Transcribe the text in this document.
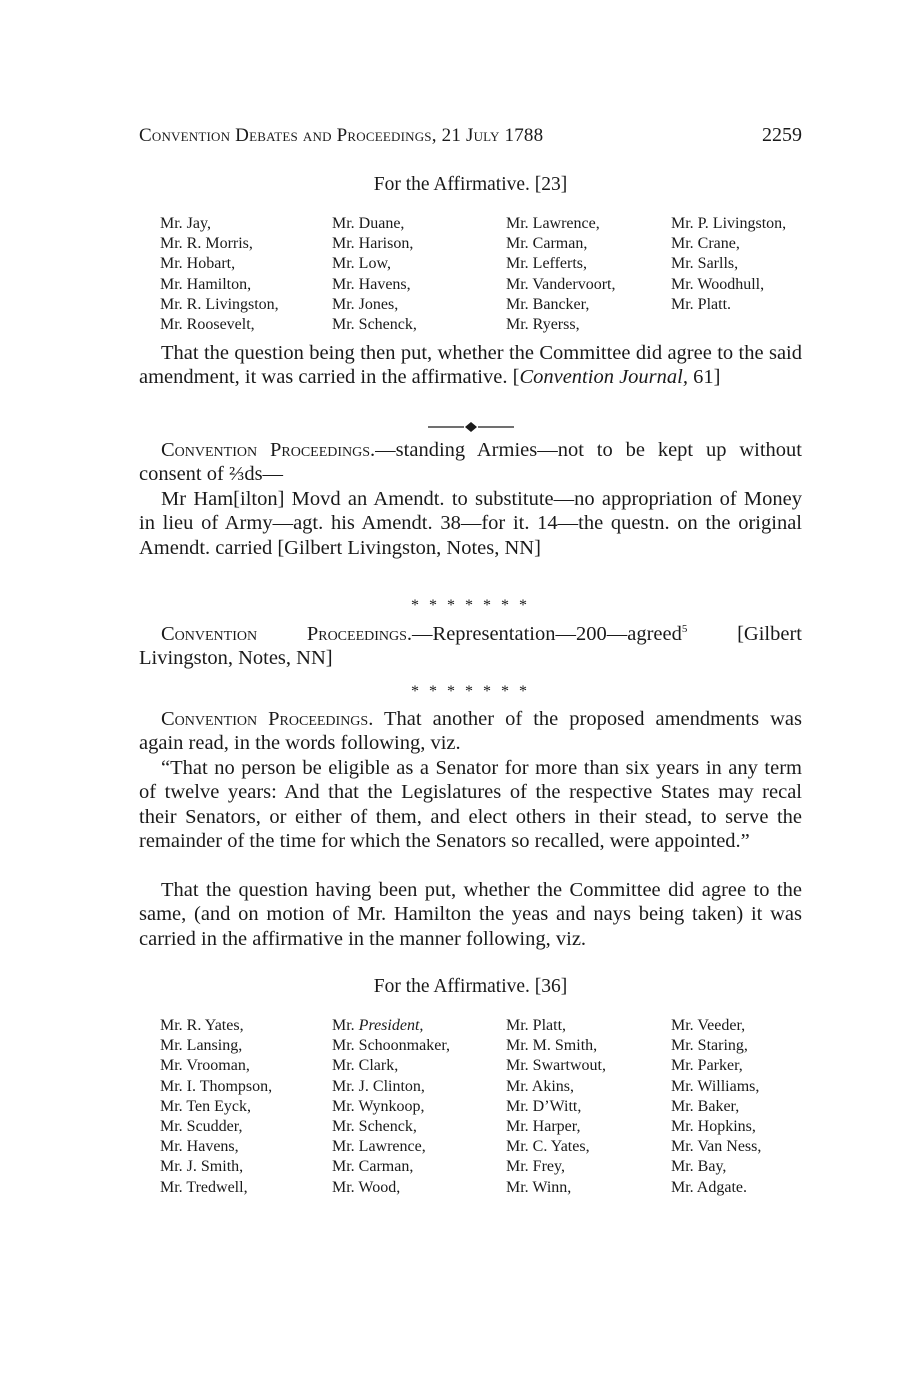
Convention Debates and Proceedings, 21 July 1788	2259
For the Affirmative. [23]
Mr. Jay,	Mr. Duane,	Mr. Lawrence,	Mr. P. Livingston,
Mr. R. Morris,	Mr. Harison,	Mr. Carman,	Mr. Crane,
Mr. Hobart,	Mr. Low,	Mr. Lefferts,	Mr. Sarlls,
Mr. Hamilton,	Mr. Havens,	Mr. Vandervoort,	Mr. Woodhull,
Mr. R. Livingston,	Mr. Jones,	Mr. Bancker,	Mr. Platt.
Mr. Roosevelt,	Mr. Schenck,	Mr. Ryerss,

That the question being then put, whether the Committee did agree to the said amendment, it was carried in the affirmative. [Convention Journal, 61]

Convention Proceedings.—standing Armies—not to be kept up without consent of ⅔ds—

Mr Ham[ilton] Movd an Amendt. to substitute—no appropriation of Money in lieu of Army—agt. his Amendt. 38—for it. 14—the questn. on the original Amendt. carried [Gilbert Livingston, Notes, NN]

* * * * * * *

Convention Proceedings.—Representation—200—agreed$^5$ [Gilbert Livingston, Notes, NN]

* * * * * * *

Convention Proceedings. That another of the proposed amendments was again read, in the words following, viz.

“That no person be eligible as a Senator for more than six years in any term of twelve years: And that the Legislatures of the respective States may recal their Senators, or either of them, and elect others in their stead, to serve the remainder of the time for which the Senators so recalled, were appointed.”

That the question having been put, whether the Committee did agree to the same, (and on motion of Mr. Hamilton the yeas and nays being taken) it was carried in the affirmative in the manner following, viz.

For the Affirmative. [36]
Mr. R. Yates,	Mr. President,	Mr. Platt,	Mr. Veeder,
Mr. Lansing,	Mr. Schoonmaker,	Mr. M. Smith,	Mr. Staring,
Mr. Vrooman,	Mr. Clark,	Mr. Swartwout,	Mr. Parker,
Mr. I. Thompson,	Mr. J. Clinton,	Mr. Akins,	Mr. Williams,
Mr. Ten Eyck,	Mr. Wynkoop,	Mr. D’Witt,	Mr. Baker,
Mr. Scudder,	Mr. Schenck,	Mr. Harper,	Mr. Hopkins,
Mr. Havens,	Mr. Lawrence,	Mr. C. Yates,	Mr. Van Ness,
Mr. J. Smith,	Mr. Carman,	Mr. Frey,	Mr. Bay,
Mr. Tredwell,	Mr. Wood,	Mr. Winn,	Mr. Adgate.
